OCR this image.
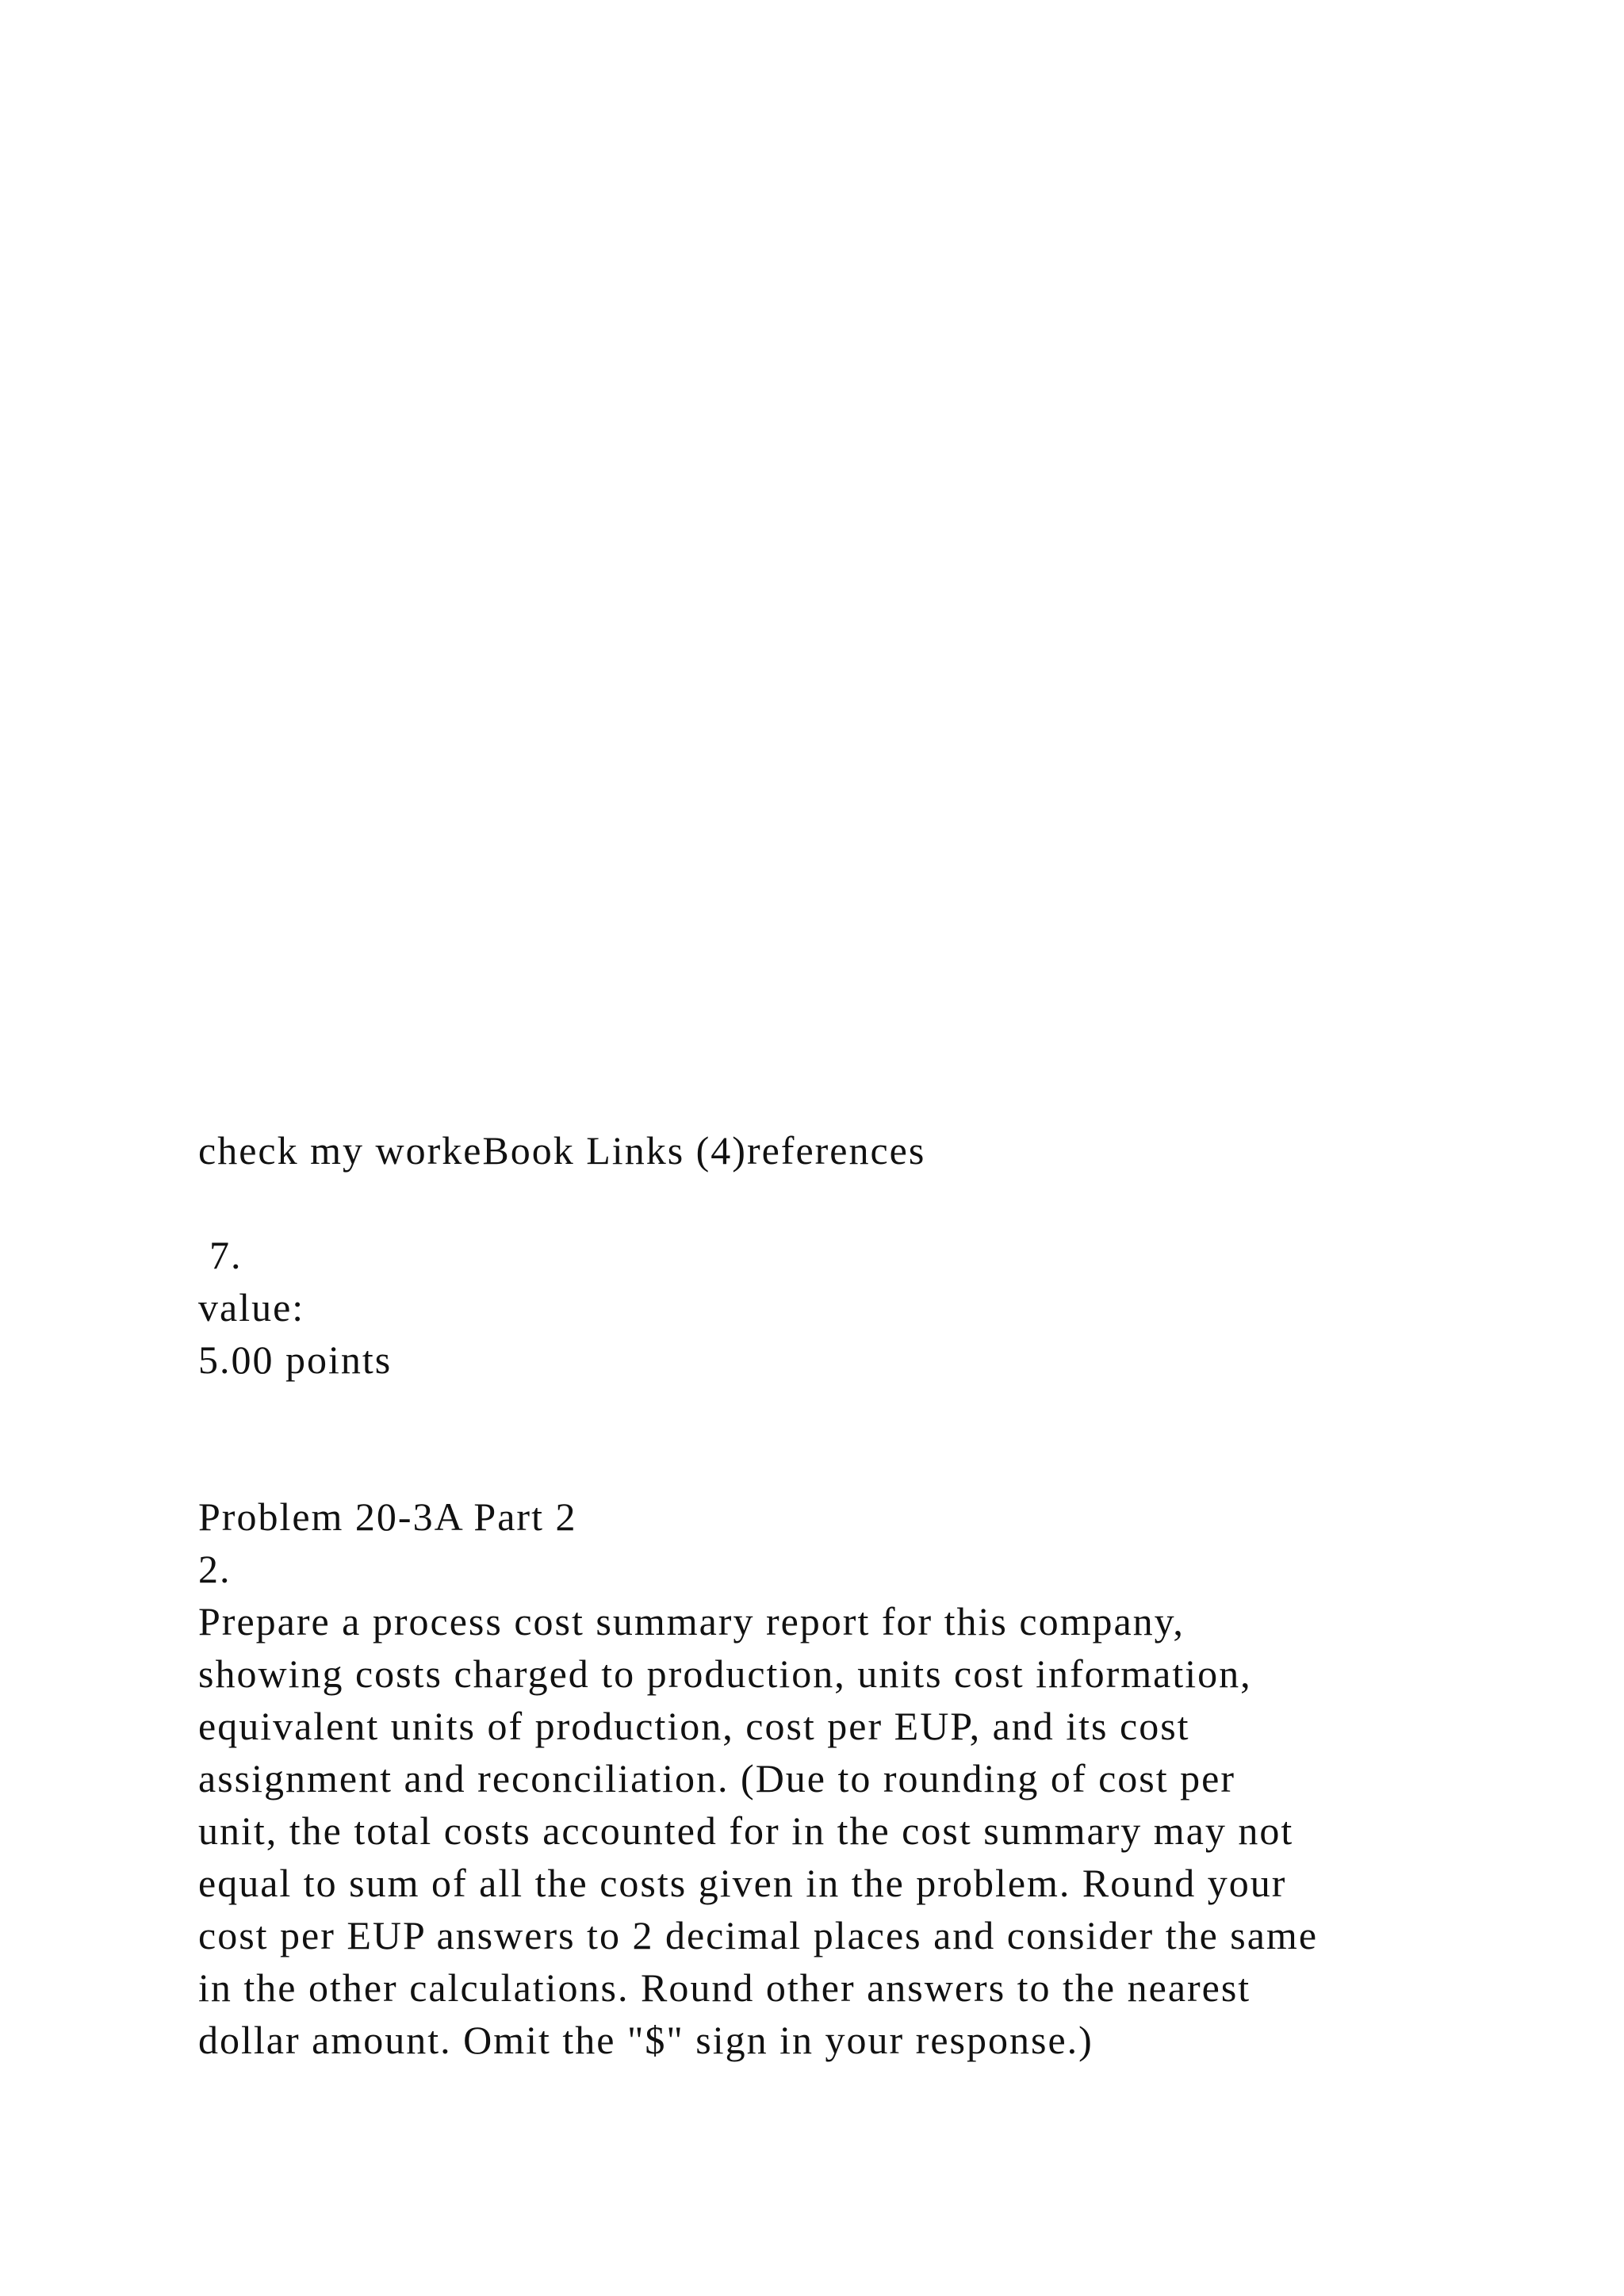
check my workeBook Links (4)references
7.
value:
5.00 points
Problem 20-3A Part 2
2.
Prepare a process cost summary report for this company,
showing costs charged to production, units cost information,
equivalent units of production, cost per EUP, and its cost
assignment and reconciliation. (Due to rounding of cost per
unit, the total costs accounted for in the cost summary may not
equal to sum of all the costs given in the problem. Round your
cost per EUP answers to 2 decimal places and consider the same
in the other calculations. Round other answers to the nearest
dollar amount. Omit the "$" sign in your response.)
